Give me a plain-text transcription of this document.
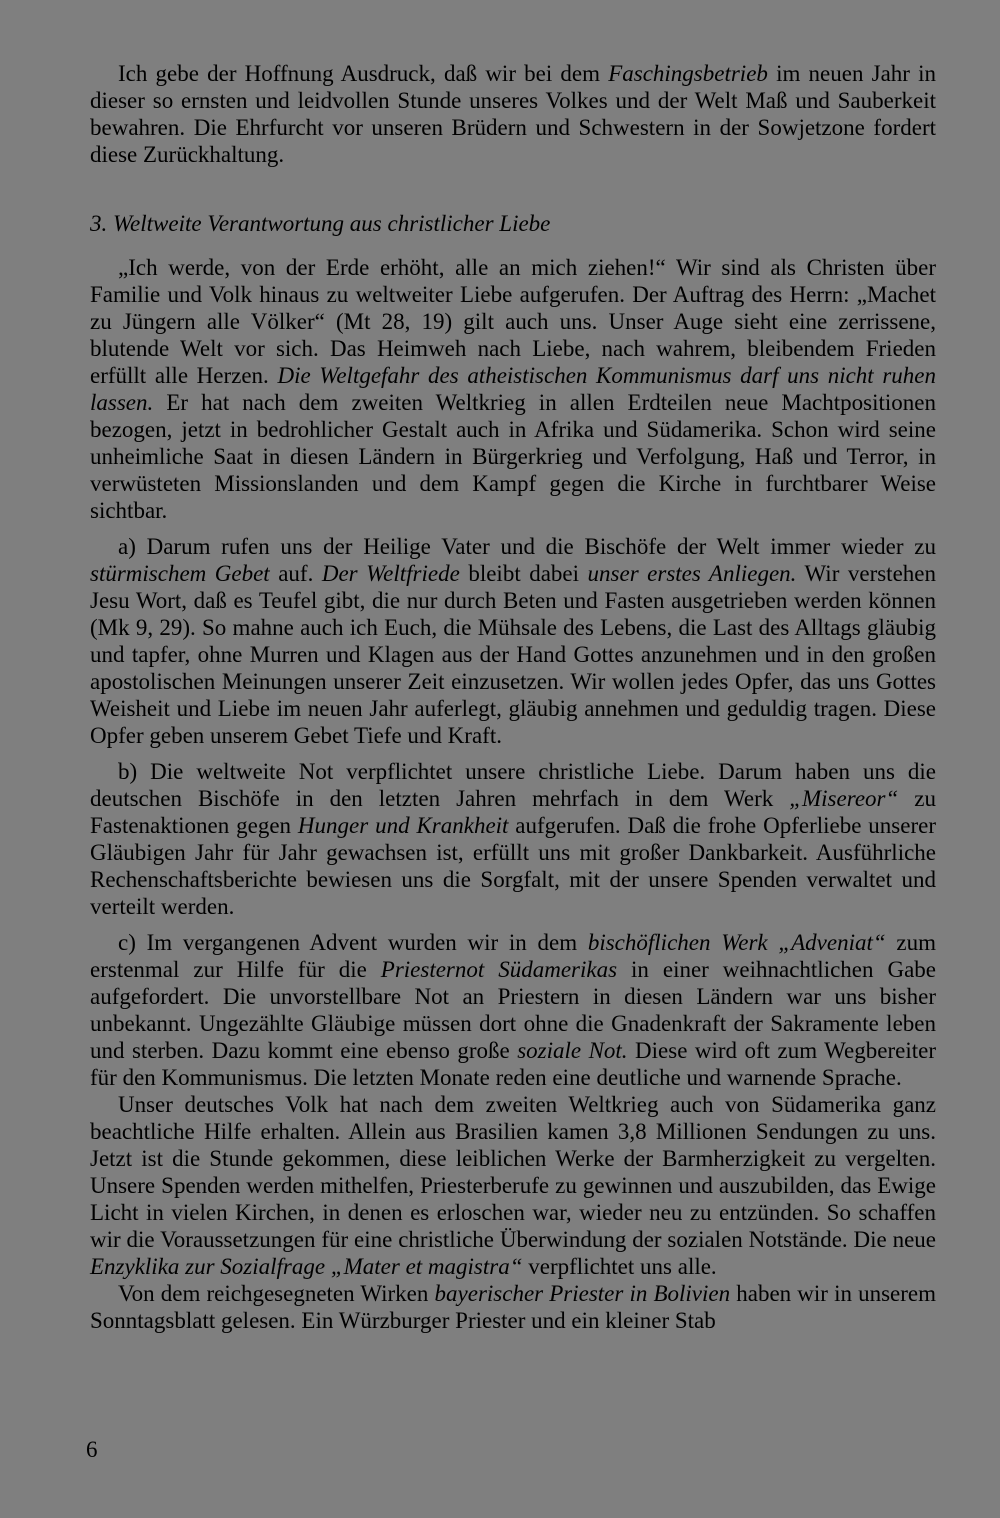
Ich gebe der Hoffnung Ausdruck, daß wir bei dem Faschingsbetrieb im neuen Jahr in dieser so ernsten und leidvollen Stunde unseres Volkes und der Welt Maß und Sauberkeit bewahren. Die Ehrfurcht vor unseren Brüdern und Schwestern in der Sowjetzone fordert diese Zurückhaltung.

3. Weltweite Verantwortung aus christlicher Liebe

„Ich werde, von der Erde erhöht, alle an mich ziehen!“ Wir sind als Christen über Familie und Volk hinaus zu weltweiter Liebe aufgerufen. Der Auftrag des Herrn: „Machet zu Jüngern alle Völker“ (Mt 28, 19) gilt auch uns. Unser Auge sieht eine zerrissene, blutende Welt vor sich. Das Heimweh nach Liebe, nach wahrem, bleibendem Frieden erfüllt alle Herzen. Die Weltgefahr des atheistischen Kommunismus darf uns nicht ruhen lassen. Er hat nach dem zweiten Weltkrieg in allen Erdteilen neue Machtpositionen bezogen, jetzt in bedrohlicher Gestalt auch in Afrika und Südamerika. Schon wird seine unheimliche Saat in diesen Ländern in Bürgerkrieg und Verfolgung, Haß und Terror, in verwüsteten Missionslanden und dem Kampf gegen die Kirche in furchtbarer Weise sichtbar.

a) Darum rufen uns der Heilige Vater und die Bischöfe der Welt immer wieder zu stürmischem Gebet auf. Der Weltfriede bleibt dabei unser erstes Anliegen. Wir verstehen Jesu Wort, daß es Teufel gibt, die nur durch Beten und Fasten ausgetrieben werden können (Mk 9, 29). So mahne auch ich Euch, die Mühsale des Lebens, die Last des Alltags gläubig und tapfer, ohne Murren und Klagen aus der Hand Gottes anzunehmen und in den großen apostolischen Meinungen unserer Zeit einzusetzen. Wir wollen jedes Opfer, das uns Gottes Weisheit und Liebe im neuen Jahr auferlegt, gläubig annehmen und geduldig tragen. Diese Opfer geben unserem Gebet Tiefe und Kraft.

b) Die weltweite Not verpflichtet unsere christliche Liebe. Darum haben uns die deutschen Bischöfe in den letzten Jahren mehrfach in dem Werk „Misereor“ zu Fastenaktionen gegen Hunger und Krankheit aufgerufen. Daß die frohe Opferliebe unserer Gläubigen Jahr für Jahr gewachsen ist, erfüllt uns mit großer Dankbarkeit. Ausführliche Rechenschaftsberichte bewiesen uns die Sorgfalt, mit der unsere Spenden verwaltet und verteilt werden.

c) Im vergangenen Advent wurden wir in dem bischöflichen Werk „Adveniat“ zum erstenmal zur Hilfe für die Priesternot Südamerikas in einer weihnachtlichen Gabe aufgefordert. Die unvorstellbare Not an Priestern in diesen Ländern war uns bisher unbekannt. Ungezählte Gläubige müssen dort ohne die Gnadenkraft der Sakramente leben und sterben. Dazu kommt eine ebenso große soziale Not. Diese wird oft zum Wegbereiter für den Kommunismus. Die letzten Monate reden eine deutliche und warnende Sprache.

Unser deutsches Volk hat nach dem zweiten Weltkrieg auch von Südamerika ganz beachtliche Hilfe erhalten. Allein aus Brasilien kamen 3,8 Millionen Sendungen zu uns. Jetzt ist die Stunde gekommen, diese leiblichen Werke der Barmherzigkeit zu vergelten. Unsere Spenden werden mithelfen, Priesterberufe zu gewinnen und auszubilden, das Ewige Licht in vielen Kirchen, in denen es erloschen war, wieder neu zu entzünden. So schaffen wir die Voraussetzungen für eine christliche Überwindung der sozialen Notstände. Die neue Enzyklika zur Sozialfrage „Mater et magistra“ verpflichtet uns alle.

Von dem reichgesegneten Wirken bayerischer Priester in Bolivien haben wir in unserem Sonntagsblatt gelesen. Ein Würzburger Priester und ein kleiner Stab

6
